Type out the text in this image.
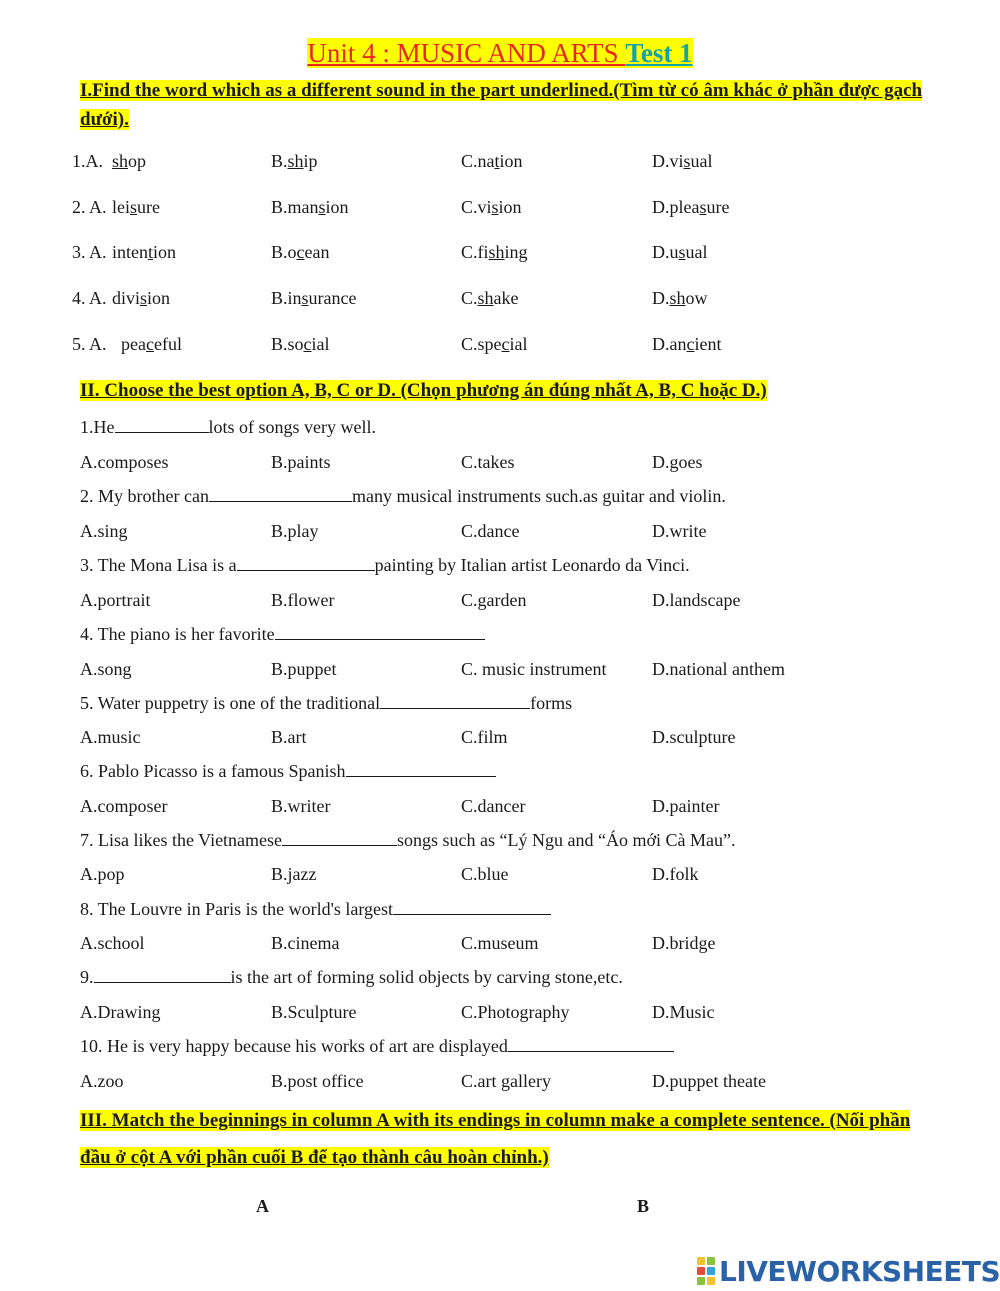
Unit 4 : MUSIC AND ARTS Test 1
I.Find the word which as a different sound in the part underlined.(Tìm từ có âm khác ở phần được gạch dưới).
1.A. shop	B.ship	C.nation	D.visual
2. A. leisure	B.mansion	C.vision	D.pleasure
3. A. intention	B.ocean	C.fishing	D.usual
4. A. division	B.insurance	C.shake	D.show
5. A. peaceful	B.social	C.special	D.ancient
II. Choose the best option A, B, C or D. (Chọn phương án đúng nhất A, B, C hoặc D.)
1.He	lots of songs very well.
A.composes	B.paints	C.takes	D.goes
2. My brother can	many musical instruments such.as guitar and violin.
A.sing	B.play	C.dance	D.write
3. The Mona Lisa is a	painting by Italian artist Leonardo da Vinci.
A.portrait	B.flower	C.garden	D.landscape
4. The piano is her favorite
A.song	B.puppet	C. music instrument	D.national anthem
5. Water puppetry is one of the traditional	forms
A.music	B.art	C.film	D.sculpture
6. Pablo Picasso is a famous Spanish
A.composer	B.writer	C.dancer	D.painter
7. Lisa likes the Vietnamese	songs such as “Lý Ngu and “Áo mới Cà Mau”.
A.pop	B.jazz	C.blue	D.folk
8. The Louvre in Paris is the world's largest
A.school	B.cinema	C.museum	D.bridge
9.	is the art of forming solid objects by carving stone,etc.
A.Drawing	B.Sculpture	C.Photography	D.Music
10. He is very happy because his works of art are displayed
A.zoo	B.post office	C.art gallery	D.puppet theate
III. Match the beginnings in column A with its endings in column make a complete sentence. (Nối phần đầu ở cột A với phần cuối B để tạo thành câu hoàn chỉnh.)
A	B
LIVEWORKSHEETS
